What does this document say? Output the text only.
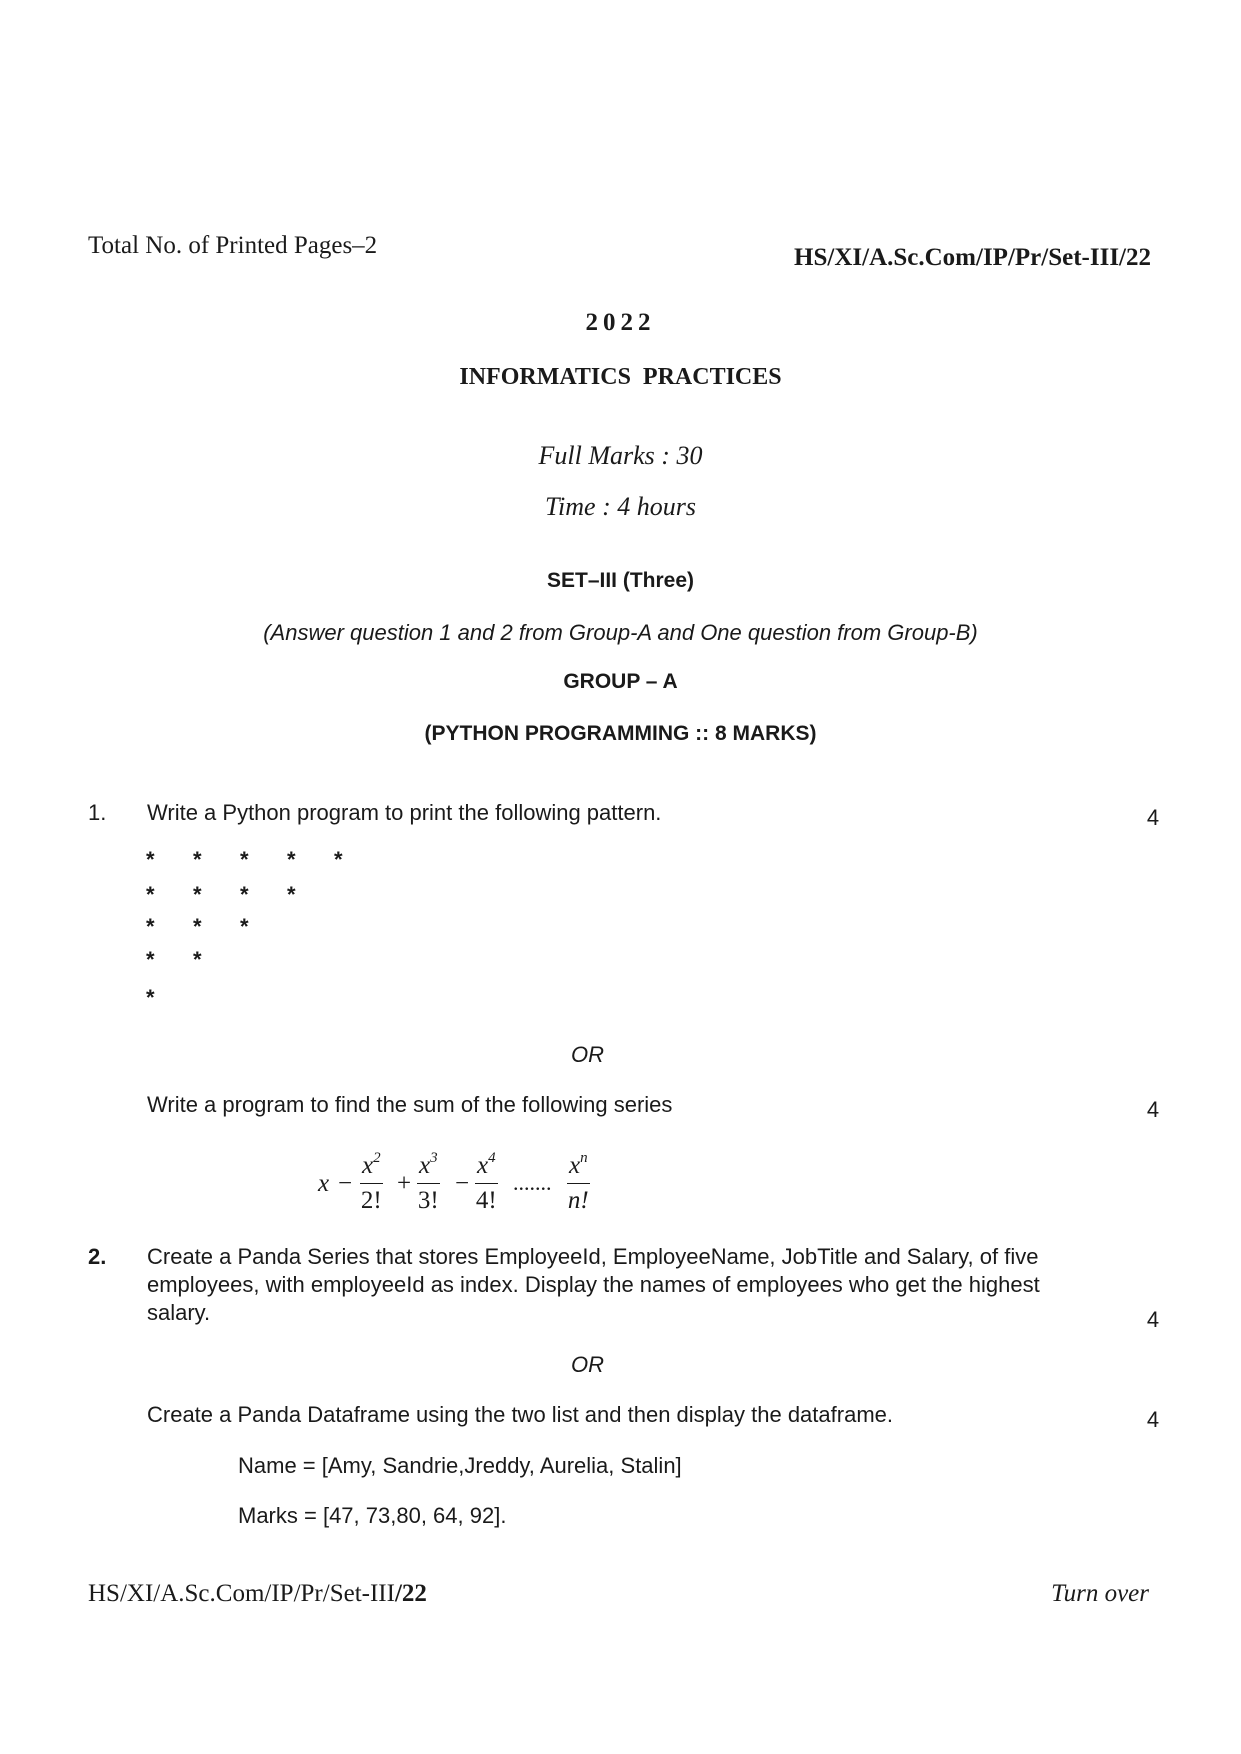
Total No. of Printed Pages–2	HS/XI/A.Sc.Com/IP/Pr/Set-III/22
2022
INFORMATICS  PRACTICES
Full Marks : 30
Time : 4 hours
SET–III (Three)
(Answer question 1 and 2 from Group-A and One question from Group-B)
GROUP – A
(PYTHON PROGRAMMING :: 8 MARKS)
1. Write a Python program to print the following pattern.	4
* * * * *
* * * *
* * *
* *
*
OR
Write a program to find the sum of the following series	4
$x - \frac{x^2}{2!} + \frac{x^3}{3!} - \frac{x^4}{4!}$ ....... $\frac{x^n}{n!}$
2. Create a Panda Series that stores EmployeeId, EmployeeName, JobTitle and Salary, of five
employees, with employeeId as index. Display the names of employees who get the highest
salary.	4
OR
Create a Panda Dataframe using the two list and then display the dataframe.	4
Name = [Amy, Sandrie,Jreddy, Aurelia, Stalin]
Marks = [47, 73,80, 64, 92].
HS/XI/A.Sc.Com/IP/Pr/Set-III/22	Turn over
